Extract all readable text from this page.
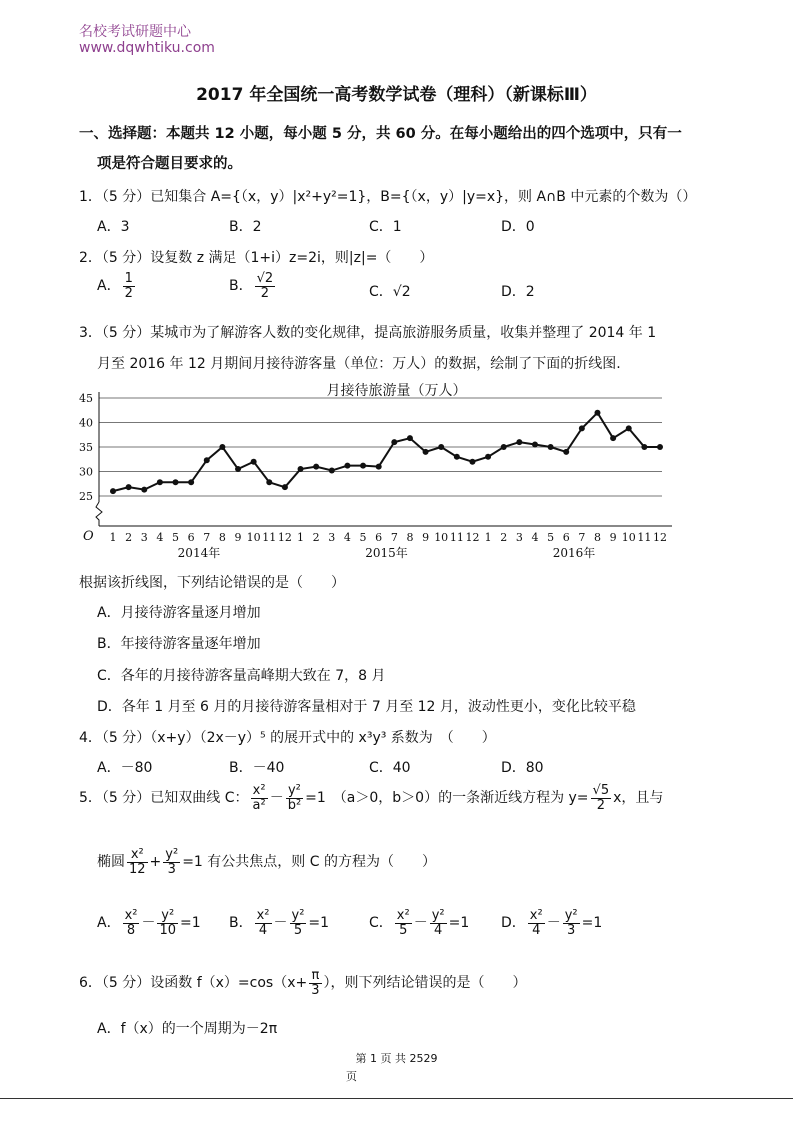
名校考试研题中心
www.dqwhtiku.com
2017 年全国统一高考数学试卷（理科）（新课标Ⅲ）
一、选择题：本题共 12 小题，每小题 5 分，共 60 分。在每小题给出的四个选项中，只有一
项是符合题目要求的。
1．（5 分）已知集合 A={（x，y）|x²+y²=1}，B={（x，y）|y=x}，则 A∩B 中元素的个数为（）
A．3	B．2	C．1	D．0
2．（5 分）设复数 z 满足（1+i）z=2i，则|z|=（　　）
A． $\frac{1}{2}$	B． $\frac{√2}{2}$	C．√2	D．2
3．（5 分）某城市为了解游客人数的变化规律，提高旅游服务质量，收集并整理了 2014 年 1
月至 2016 年 12 月期间月接待游客量（单位：万人）的数据，绘制了下面的折线图.
月接待旅游量（万人）
25
30
35
40
45
O 1 2 3 4 5 6 7 8 9 10 11 12 1 2 3 4 5 6 7 8 9 10 11 12 1 2 3 4 5 6 7 8 9 10 11 12
2014年	2015年	2016年
根据该折线图，下列结论错误的是（　　）
A．月接待游客量逐月增加
B．年接待游客量逐年增加
C．各年的月接待游客量高峰期大致在 7，8 月
D．各年 1 月至 6 月的月接待游客量相对于 7 月至 12 月，波动性更小，变化比较平稳
4．（5 分）（x+y）（2x－y）⁵ 的展开式中的 x³y³ 系数为　（　　）
A．－80	B．－40	C．40	D．80
5．（5 分）已知双曲线 C： $\frac{\text{x²}}{\text{a²}} - \frac{\text{y²}}{\text{b²}} =1$　（a＞0，b＞0）的一条渐近线方程为 $y= \frac{√5}{2}$ x，且与
椭圆 $\frac{\text{x²}}{12} + \frac{\text{y²}}{3} =1$ 有公共焦点，则 C 的方程为（　　）
A． $\frac{\text{x²}}{8} - \frac{\text{y²}}{10} =1$ B． $\frac{\text{x²}}{4} - \frac{\text{y²}}{5} =1$	C． $\frac{\text{x²}}{5} - \frac{\text{y²}}{4} =1$ D． $\frac{\text{x²}}{4} - \frac{\text{y²}}{3} =1$
6．（5 分）设函数 $f(x)=\cos(x+ \frac{\pi}{3}$ ），则下列结论错误的是（　　）
A．f（x）的一个周期为－2π
第 1 页 共 2529
页
